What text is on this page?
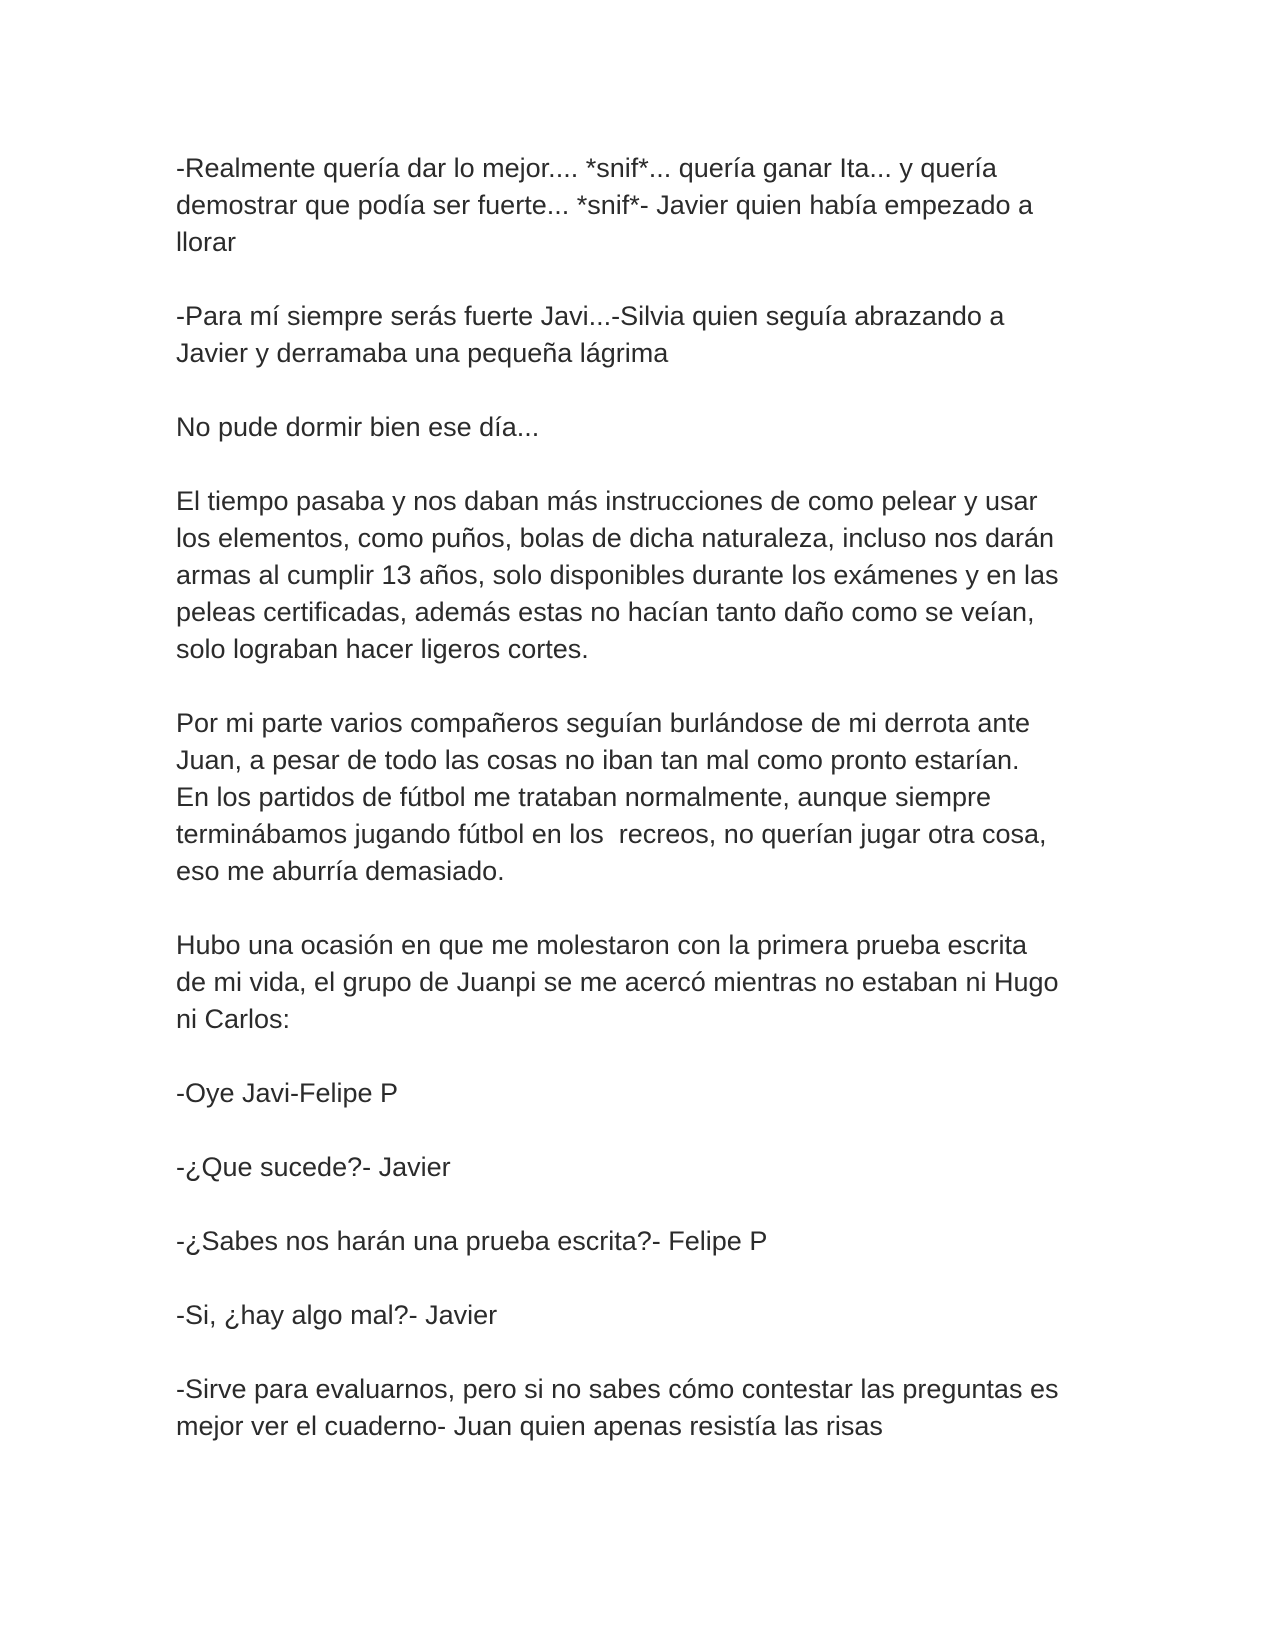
-Realmente quería dar lo mejor.... *snif*... quería ganar Ita... y quería
demostrar que podía ser fuerte... *snif*- Javier quien había empezado a
llorar

-Para mí siempre serás fuerte Javi...-Silvia quien seguía abrazando a
Javier y derramaba una pequeña lágrima

No pude dormir bien ese día...

El tiempo pasaba y nos daban más instrucciones de como pelear y usar
los elementos, como puños, bolas de dicha naturaleza, incluso nos darán
armas al cumplir 13 años, solo disponibles durante los exámenes y en las
peleas certificadas, además estas no hacían tanto daño como se veían,
solo lograban hacer ligeros cortes.

Por mi parte varios compañeros seguían burlándose de mi derrota ante
Juan, a pesar de todo las cosas no iban tan mal como pronto estarían.
En los partidos de fútbol me trataban normalmente, aunque siempre
terminábamos jugando fútbol en los  recreos, no querían jugar otra cosa,
eso me aburría demasiado.

Hubo una ocasión en que me molestaron con la primera prueba escrita
de mi vida, el grupo de Juanpi se me acercó mientras no estaban ni Hugo
ni Carlos:

-Oye Javi-Felipe P

-¿Que sucede?- Javier

-¿Sabes nos harán una prueba escrita?- Felipe P

-Si, ¿hay algo mal?- Javier

-Sirve para evaluarnos, pero si no sabes cómo contestar las preguntas es
mejor ver el cuaderno- Juan quien apenas resistía las risas
